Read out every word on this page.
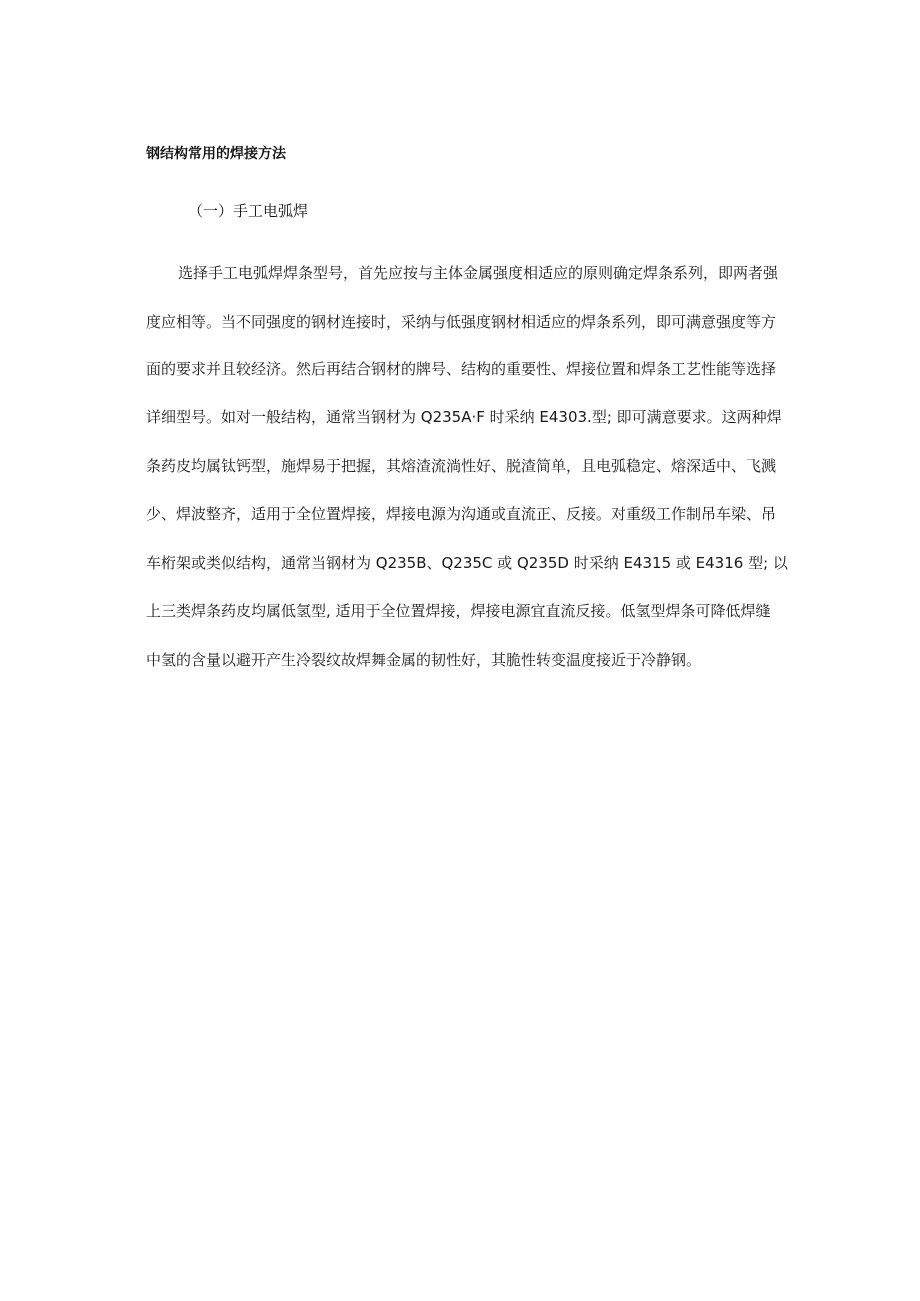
钢结构常用的焊接方法
（一）手工电弧焊
选择手工电弧焊焊条型号，首先应按与主体金属强度相适应的原则确定焊条系列，即两者强
度应相等。当不同强度的钢材连接时，采纳与低强度钢材相适应的焊条系列，即可满意强度等方
面的要求并且较经济。然后再结合钢材的牌号、结构的重要性、焊接位置和焊条工艺性能等选择
详细型号。如对一般结构，通常当钢材为 Q235A·F 时采纳 E4303.型; 即可满意要求。这两种焊
条药皮均属钛钙型，施焊易于把握，其熔渣流淌性好、脱渣简单，且电弧稳定、熔深适中、飞溅
少、焊波整齐，适用于全位置焊接，焊接电源为沟通或直流正、反接。对重级工作制吊车梁、吊
车桁架或类似结构，通常当钢材为 Q235B、Q235C 或 Q235D 时采纳 E4315 或 E4316 型; 以
上三类焊条药皮均属低氢型, 适用于全位置焊接，焊接电源宜直流反接。低氢型焊条可降低焊缝
中氢的含量以避开产生冷裂纹故焊舞金属的韧性好，其脆性转变温度接近于冷静钢。
